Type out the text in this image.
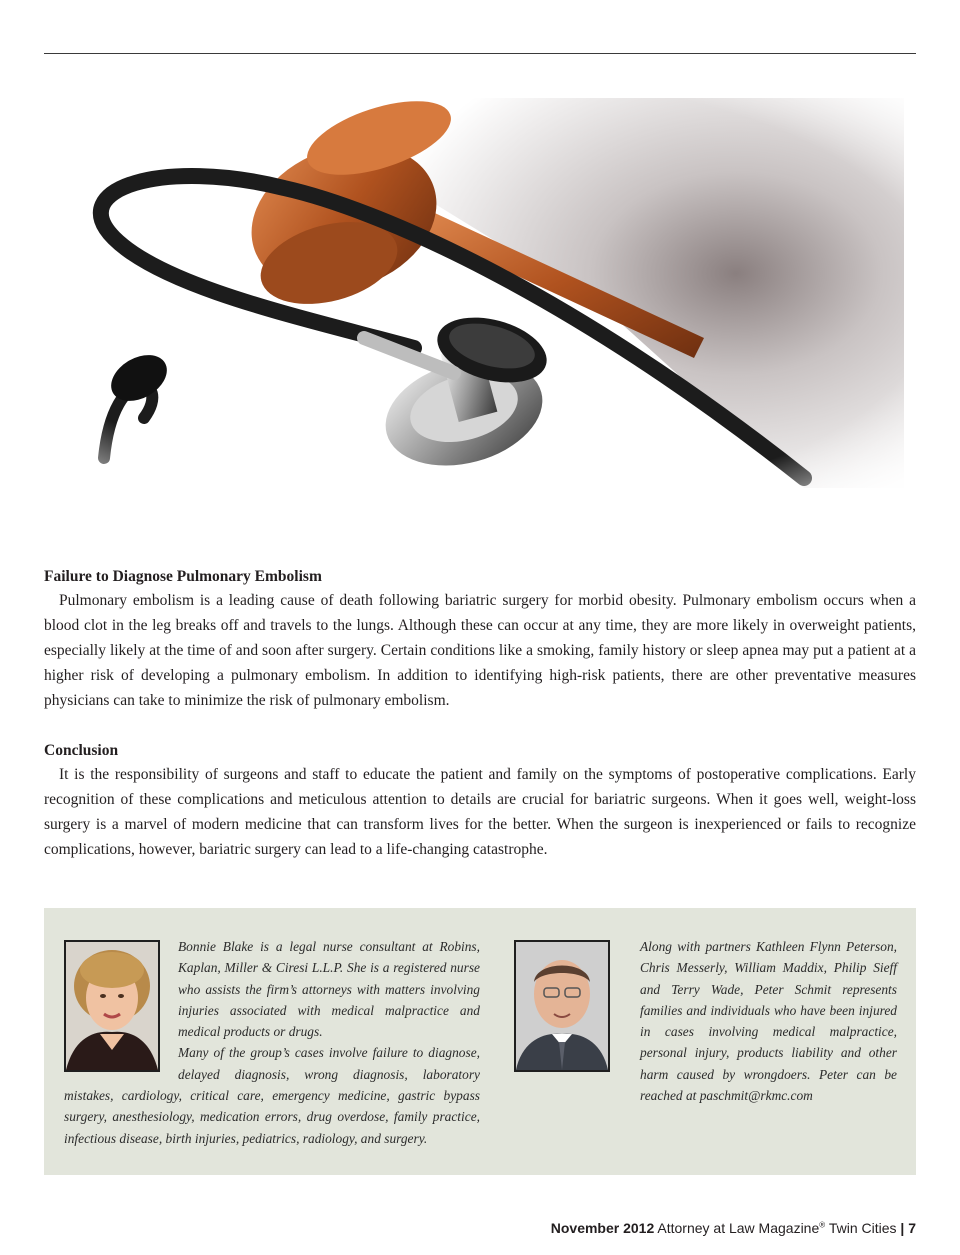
Failure to Diagnose Pulmonary Embolism

Pulmonary embolism is a leading cause of death following bariatric surgery for morbid obesity. Pulmonary embolism occurs when a blood clot in the leg breaks off and travels to the lungs. Although these can occur at any time, they are more likely in overweight patients, especially likely at the time of and soon after surgery. Certain conditions like a smoking, family history or sleep apnea may put a patient at a higher risk of developing a pulmonary embolism. In addition to identifying high-risk patients, there are other preventative measures physicians can take to minimize the risk of pulmonary embolism.

Conclusion

It is the responsibility of surgeons and staff to educate the patient and family on the symptoms of postoperative complications. Early recognition of these complications and meticulous attention to details are crucial for bariatric surgeons. When it goes well, weight-loss surgery is a marvel of modern medicine that can transform lives for the better. When the surgeon is inexperienced or fails to recognize complications, however, bariatric surgery can lead to a life-changing catastrophe.

Bonnie Blake is a legal nurse consultant at Robins, Kaplan, Miller & Ciresi L.L.P. She is a registered nurse who assists the firm’s attorneys with matters involving injuries associated with medical malpractice and medical products or drugs.

Many of the group’s cases involve failure to diagnose, delayed diagnosis, wrong diagnosis, laboratory mistakes, cardiology, critical care, emergency medicine, gastric bypass surgery, anesthesiology, medication errors, drug overdose, family practice, infectious disease, birth injuries, pediatrics, radiology, and surgery.

Along with partners Kathleen Flynn Peterson, Chris Messerly, William Maddix, Philip Sieff and Terry Wade, Peter Schmit represents families and individuals who have been injured in cases involving medical malpractice, personal injury, products liability and other harm caused by wrongdoers. Peter can be reached at paschmit@rkmc.com

November 2012 Attorney at Law Magazine® Twin Cities | 7
